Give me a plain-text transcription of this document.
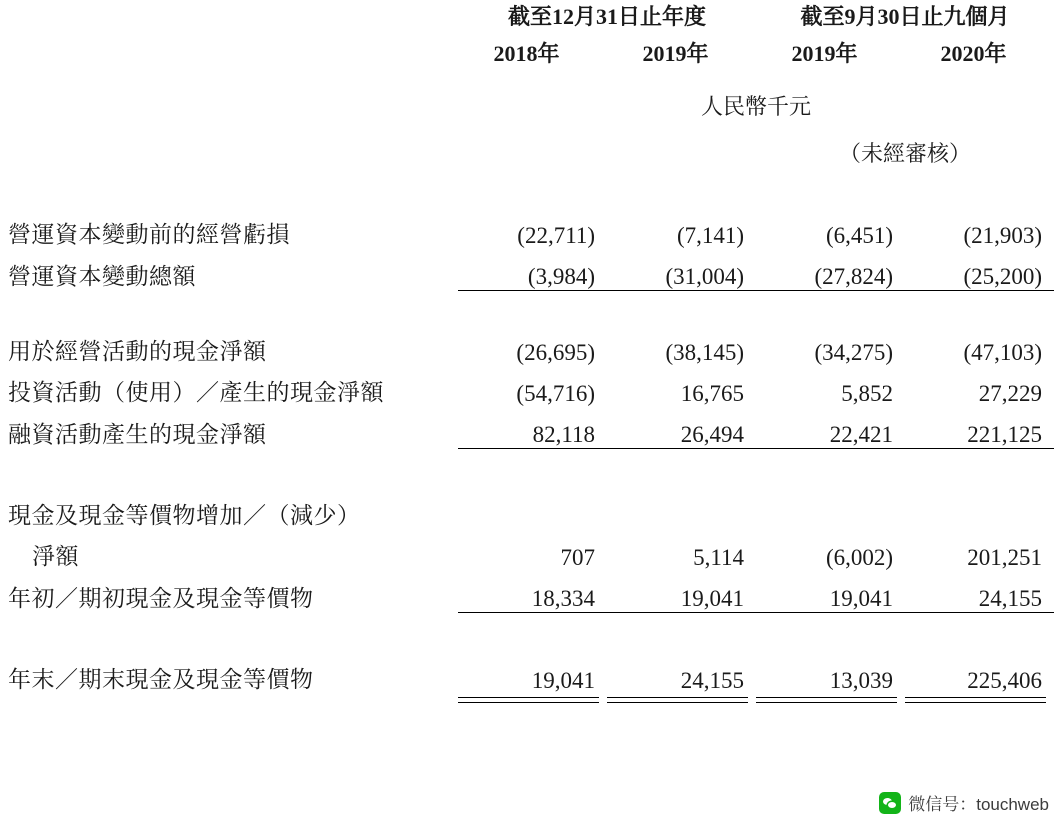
	截至12月31日止年度		截至9月30日止九個月	
	2018年	2019年	2019年	2020年
	人民幣千元			
			（未經審核）	

營運資本變動前的經營虧損	(22,711)	(7,141)	(6,451)	(21,903)
營運資本變動總額	(3,984)	(31,004)	(27,824)	(25,200)

用於經營活動的現金淨額	(26,695)	(38,145)	(34,275)	(47,103)
投資活動（使用）／產生的現金淨額	(54,716)	16,765	5,852	27,229
融資活動產生的現金淨額	82,118	26,494	22,421	221,125

現金及現金等價物增加／（減少）				
淨額	707	5,114	(6,002)	201,251
年初／期初現金及現金等價物	18,334	19,041	19,041	24,155

年末／期末現金及現金等價物	19,041	24,155	13,039	225,406

微信号：touchweb
